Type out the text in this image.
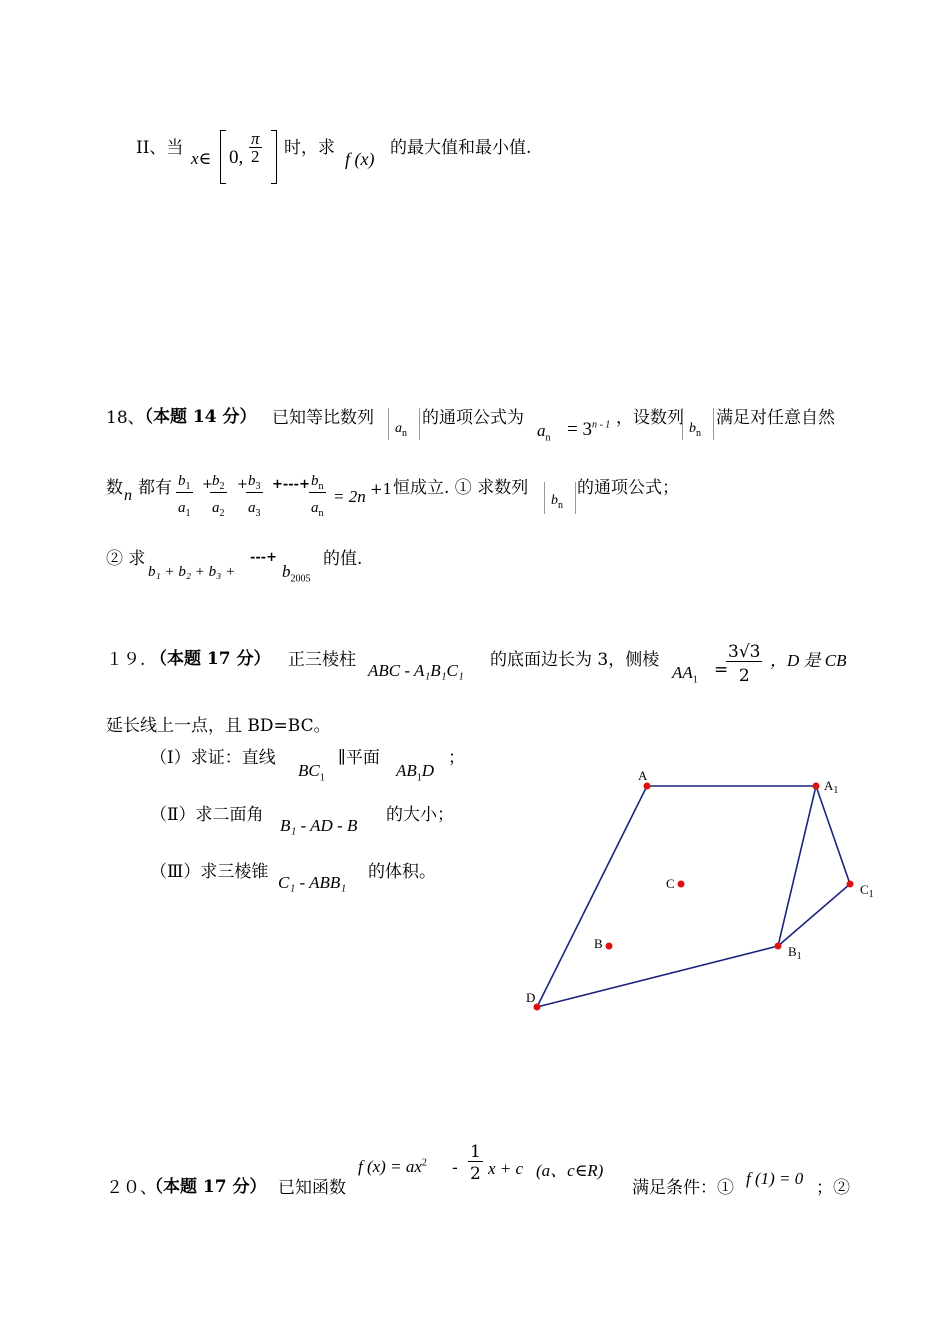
II、当
x∈ 0, $\frac{\pi}{2}$ 时，求
f (x)
的最大值和最小值.
18、
（本题 14 分） 已知等比数列
$a_n$
的通项公式为
$a_n = 3^{n - 1}$ ，设数列
$b_n$
满足对任意自然
数 n 都有 $\frac{b_1}{a_1}$ +
$\frac{b_2}{a_2}$ +
$\frac{b_3}{a_3}$ +---+ $\frac{b_n}{a_n} = 2n +1$ 恒成立. ① 求数列
$b_n$
的通项公式；
② 求
b₁ + b₂ + b₃ +
---+
$b_{2005}$
的值.
１９. （本题 17 分） 正三棱柱
ABC - A₁B₁C₁
的底面边长为 3，侧棱
$AA_1$ =
$\frac{3√3}{2}$ ，D 是 CB
延长线上一点，且 BD=BC。
（Ⅰ）求证：直线
$BC_1$
∥平面
$AB_1D$
；
（Ⅱ）求二面角
B₁ - AD - B
的大小；
（Ⅲ）求三棱锥
C₁ - ABB₁
的体积。
A
$A_1$
C	$C_1$
B
$B_1$
D
２０、
（本题 17 分） 已知函数
f $(x) = ax^2 - \frac{1}{2}$ x + c (a、c∈R)
满足条件：① f (1) = 0 ；②
